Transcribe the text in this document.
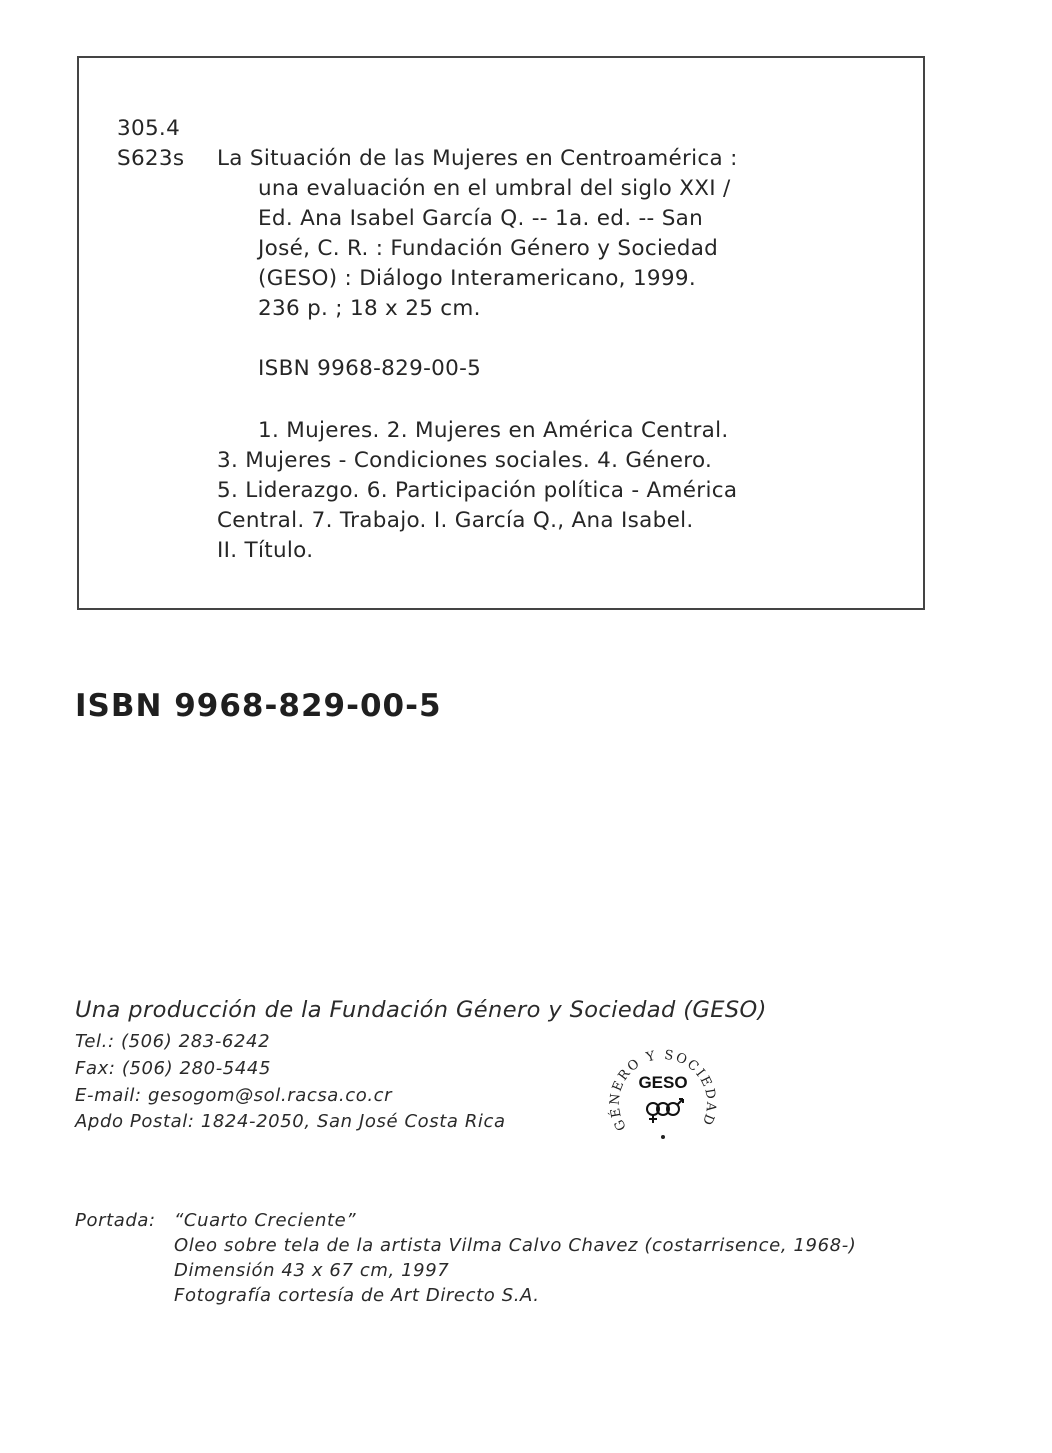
305.4
S623s La Situación de las Mujeres en Centroamérica :
una evaluación en el umbral del siglo XXI /
Ed. Ana Isabel García Q. -- 1a. ed. -- San
José, C. R. : Fundación Género y Sociedad
(GESO) : Diálogo Interamericano, 1999.
236 p. ; 18 x 25 cm.
ISBN 9968-829-00-5
1. Mujeres. 2. Mujeres en América Central.
3. Mujeres - Condiciones sociales. 4. Género.
5. Liderazgo. 6. Participación política - América
Central. 7. Trabajo. I. García Q., Ana Isabel.
II. Título.
ISBN 9968-829-00-5
Una producción de la Fundación Género y Sociedad (GESO)
Tel.: (506) 283-6242
Fax: (506) 280-5445
E-mail: gesogom@sol.racsa.co.cr
Apdo Postal: 1824-2050, San José Costa Rica	GÉNERO Y SOCIEDAD
GESO
Portada: “Cuarto Creciente”
Oleo sobre tela de la artista Vilma Calvo Chavez (costarrisence, 1968-)
Dimensión 43 x 67 cm, 1997
Fotografía cortesía de Art Directo S.A.
